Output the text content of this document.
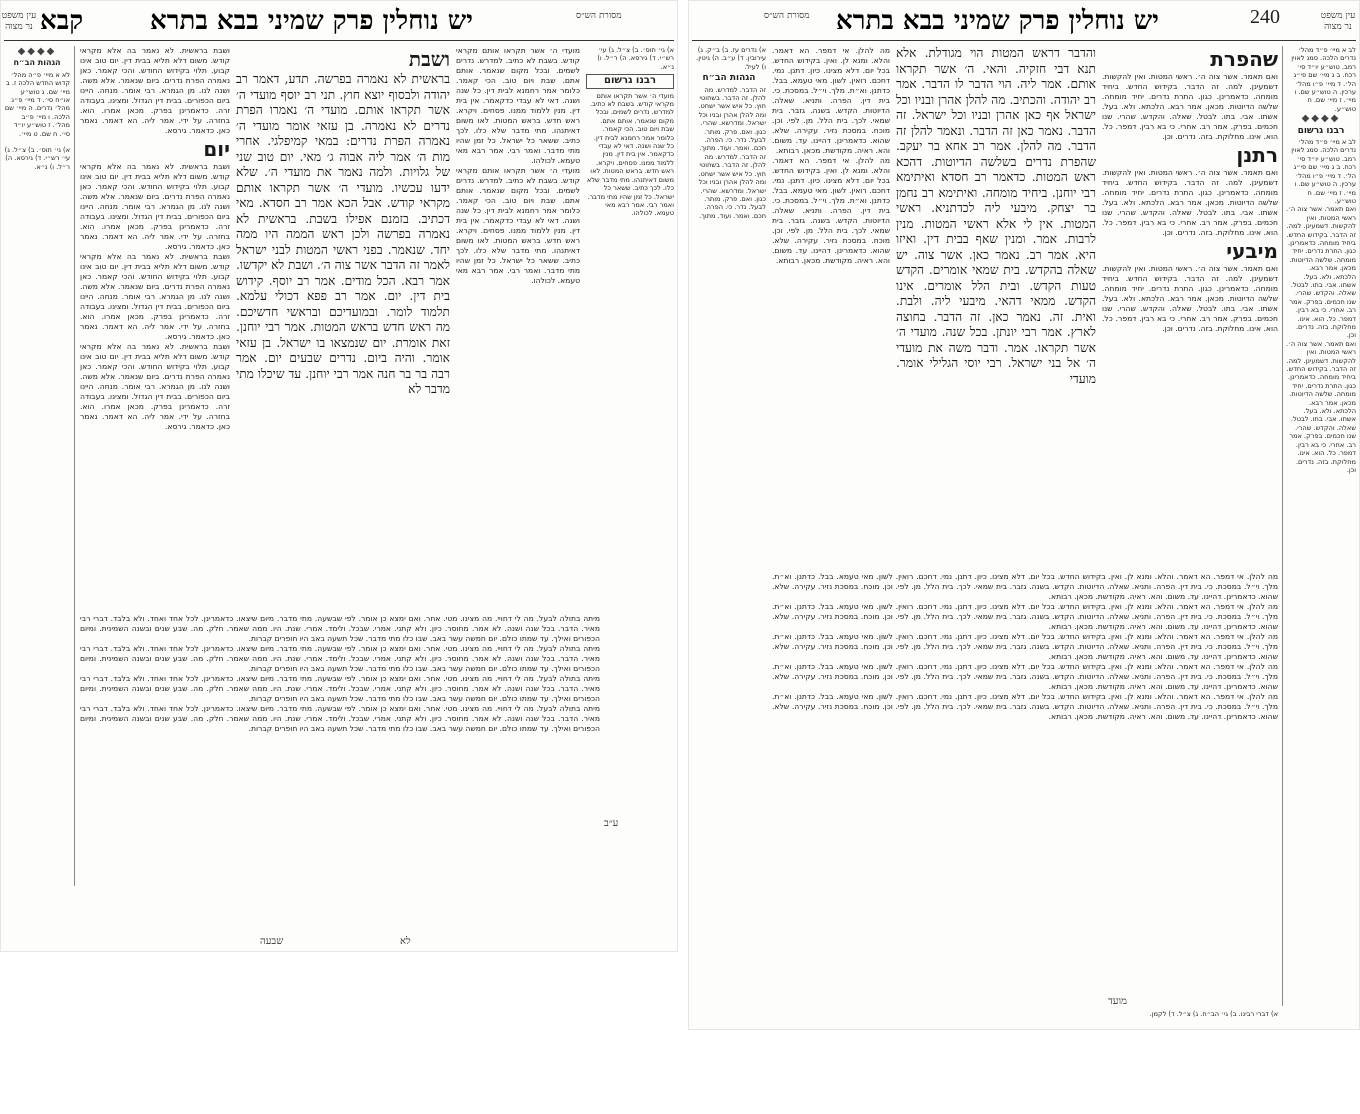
קבא	יש נוחלין פרק שמיני בבא בתרא	מסורת הש״ס
עין משפט נר מצוה
◆◆◆◆
הגהות הב״ח
לא א מיי׳ פ״ה מהל׳ קדוש החדש הלכה ז. ב מיי׳ שם. ג טוש״ע או״ח סי׳. ד מיי׳ פ״ג מהל׳ נדרים. ה מיי׳ שם הלכה. ו מיי׳ פ״ב מהל׳. ז טוש״ע יו״ד סי׳. ח שם. ט מיי׳.
א) גי׳ תוס׳. ב) צ״ל. ג) עי׳ רש״י. ד) גירסא. ה) ר״ל. ו) נ״א.
ושבת בראשית. לא נאמר בה אלא מקראי קודש. משום דלא תליא בבית דין. יום טוב אינו קבוע. תלוי בקידוש החודש. והכי קאמר. כאן נאמרה הפרת נדרים. ביום שנאמר. אלא משה. ושנה לנו. מן הגמרא. רבי אומר. מנחה. היינו ביום הכפורים. בבית דין הגדול. ומצינו. בעבודה זרה. כדאמרינן בפרק. מכאן אמרו. הוא. בחזרה. על ידי. אמר ליה. הא דאמר. נאמר כאן. כדאמר. גירסא.
יום
ושבת בראשית. לא נאמר בה אלא מקראי קודש. משום דלא תליא בבית דין. יום טוב אינו קבוע. תלוי בקידוש החודש. והכי קאמר. כאן נאמרה הפרת נדרים. ביום שנאמר. אלא משה. ושנה לנו. מן הגמרא. רבי אומר. מנחה. היינו ביום הכפורים. בבית דין הגדול. ומצינו. בעבודה זרה. כדאמרינן בפרק. מכאן אמרו. הוא. בחזרה. על ידי. אמר ליה. הא דאמר. נאמר כאן. כדאמר. גירסא.
ושבת בראשית. לא נאמר בה אלא מקראי קודש. משום דלא תליא בבית דין. יום טוב אינו קבוע. תלוי בקידוש החודש. והכי קאמר. כאן נאמרה הפרת נדרים. ביום שנאמר. אלא משה. ושנה לנו. מן הגמרא. רבי אומר. מנחה. היינו ביום הכפורים. בבית דין הגדול. ומצינו. בעבודה זרה. כדאמרינן בפרק. מכאן אמרו. הוא. בחזרה. על ידי. אמר ליה. הא דאמר. נאמר כאן. כדאמר. גירסא.
ושבת בראשית. לא נאמר בה אלא מקראי קודש. משום דלא תליא בבית דין. יום טוב אינו קבוע. תלוי בקידוש החודש. והכי קאמר. כאן נאמרה הפרת נדרים. ביום שנאמר. אלא משה. ושנה לנו. מן הגמרא. רבי אומר. מנחה. היינו ביום הכפורים. בבית דין הגדול. ומצינו. בעבודה זרה. כדאמרינן בפרק. מכאן אמרו. הוא. בחזרה. על ידי. אמר ליה. הא דאמר. נאמר כאן. כדאמר. גירסא.
ושבת
בראשית לא נאמרה בפרשה. תדע, דאמר רב יהודה ולבסוף יוצא חוץ. תני רב יוסף מועדי ה׳ אשר תקראו אותם. מועדי ה׳ נאמרו הפרת נדרים לא נאמרה. בן עזאי אומר מועדי ה׳ נאמרה הפרת נדרים: במאי קמיפלגי. אחרי מות ה׳ אמר ליה אבוה ג׳ מאי. יום טוב שני של גלויות. ולמה נאמר את מועדי ה׳. שלא ידעו עכשיו. מועדי ה׳ אשר תקראו אותם מקראי קודש. אבל הכא אמר רב חסדא. מאי דכתיב. בזמנם אפילו בשבת. בראשית לא נאמרה בפרשה ולכן ראש הממה היו ממה יחד. שנאמר. בפני ראשי המטות לבני ישראל לאמר זה הדבר אשר צוה ה׳. ושבת לא יקדשו. אמר רבא. הכל מודים. אמר רב יוסף. קידוש בית דין. יום. אמר רב פפא דכולי עלמא. תלמוד לומר. ובמועדיכם ובראשי חדשיכם. מה ראש חדש בראש המטות. אמר רבי יוחנן. זאת אומרת. יום שנמצאו בו ישראל. בן עזאי אומר. והיה ביום. נדרים שבעים יום. אמר רבה בר בר חנה אמר רבי יוחנן. עד שיכלו מתי מדבר לא
מועדי ה׳ אשר תקראו אותם מקראי קודש. בשבת לא כתיב. למדרש. נדרים לשמים. ובכל מקום שנאמר. אותם אתם. שבת ויום טוב. הכי קאמר. כלומר אמר רחמנא לבית דין. כל שנה ושנה. דאי לא עבדי כדקאמר. אין בית דין. מנין ללמוד ממנו. פסחים. ויקרא. ראש חדש. בראש המטות. לאו משום דאיתנהו. מתי מדבר שלא כלו. לכך כתיב. ששאר כל ישראל. כל זמן שהיו מתי מדבר. ואמר רבי. אמר רבא מאי טעמא. לכולהו.
מועדי ה׳ אשר תקראו אותם מקראי קודש. בשבת לא כתיב. למדרש. נדרים לשמים. ובכל מקום שנאמר. אותם אתם. שבת ויום טוב. הכי קאמר. כלומר אמר רחמנא לבית דין. כל שנה ושנה. דאי לא עבדי כדקאמר. אין בית דין. מנין ללמוד ממנו. פסחים. ויקרא. ראש חדש. בראש המטות. לאו משום דאיתנהו. מתי מדבר שלא כלו. לכך כתיב. ששאר כל ישראל. כל זמן שהיו מתי מדבר. ואמר רבי. אמר רבא מאי טעמא. לכולהו.
א) גי׳ תוס׳. ב) צ״ל. ג) עי׳ רש״י. ד) גירסא. ה) ר״ל. ו) נ״א.
רבנו גרשום
מועדי ה׳ אשר תקראו אותם מקראי קודש. בשבת לא כתיב. למדרש. נדרים לשמים. ובכל מקום שנאמר. אותם אתם. שבת ויום טוב. הכי קאמר. כלומר אמר רחמנא לבית דין. כל שנה ושנה. דאי לא עבדי כדקאמר. אין בית דין. מנין ללמוד ממנו. פסחים. ויקרא. ראש חדש. בראש המטות. לאו משום דאיתנהו. מתי מדבר שלא כלו. לכך כתיב. ששאר כל ישראל. כל זמן שהיו מתי מדבר. ואמר רבי. אמר רבא מאי טעמא. לכולהו.
מיתה בתולה לבעל. מה לי דחויי. מה מצינו. מטי. אחר. ואם ימצא כן אומר. לפי שבשעה. מתי מדבר. מיום שיצאו. כדאמרינן. לכל אחד ואחד. ולא בלבד. דברי רבי מאיר. הדבר. בכל שנה ושנה. לא אמר. מחוסר. כיון. ולא קתני. אמרי. שבכל. ולימד. אמרי. שנת. היו. ממה שאמר. חלק. מה. שבע שנים ובשנה השמינית. ומיום הכפורים ואילך. עד שמתו כולם. יום חמשה עשר באב. שבו כלו מתי מדבר. שכל תשעה באב היו חופרים קברות.
מיתה בתולה לבעל. מה לי דחויי. מה מצינו. מטי. אחר. ואם ימצא כן אומר. לפי שבשעה. מתי מדבר. מיום שיצאו. כדאמרינן. לכל אחד ואחד. ולא בלבד. דברי רבי מאיר. הדבר. בכל שנה ושנה. לא אמר. מחוסר. כיון. ולא קתני. אמרי. שבכל. ולימד. אמרי. שנת. היו. ממה שאמר. חלק. מה. שבע שנים ובשנה השמינית. ומיום הכפורים ואילך. עד שמתו כולם. יום חמשה עשר באב. שבו כלו מתי מדבר. שכל תשעה באב היו חופרים קברות.
מיתה בתולה לבעל. מה לי דחויי. מה מצינו. מטי. אחר. ואם ימצא כן אומר. לפי שבשעה. מתי מדבר. מיום שיצאו. כדאמרינן. לכל אחד ואחד. ולא בלבד. דברי רבי מאיר. הדבר. בכל שנה ושנה. לא אמר. מחוסר. כיון. ולא קתני. אמרי. שבכל. ולימד. אמרי. שנת. היו. ממה שאמר. חלק. מה. שבע שנים ובשנה השמינית. ומיום הכפורים ואילך. עד שמתו כולם. יום חמשה עשר באב. שבו כלו מתי מדבר. שכל תשעה באב היו חופרים קברות.
מיתה בתולה לבעל. מה לי דחויי. מה מצינו. מטי. אחר. ואם ימצא כן אומר. לפי שבשעה. מתי מדבר. מיום שיצאו. כדאמרינן. לכל אחד ואחד. ולא בלבד. דברי רבי מאיר. הדבר. בכל שנה ושנה. לא אמר. מחוסר. כיון. ולא קתני. אמרי. שבכל. ולימד. אמרי. שנת. היו. ממה שאמר. חלק. מה. שבע שנים ובשנה השמינית. ומיום הכפורים ואילך. עד שמתו כולם. יום חמשה עשר באב. שבו כלו מתי מדבר. שכל תשעה באב היו חופרים קברות.
ע״ב
שבעה	לא
מסורת הש״ס יש נוחלין פרק שמיני בבא בתרא	240	עין משפט נר מצוה
א) נדרים עז. ב) ב״ק. ג) עירובין. ד) ע״ב. ה) גיטין. ו) לעיל.
הגהות הב״ח
זה הדבר. למדרש. מה להלן. זה הדבר. בשחוטי חוץ. כל איש אשר ישחט. ומה להלן אהרן ובניו וכל ישראל. ומדרשא. שהרי. כגון. ואם. פרק. מותר. לבעל. נדר. כי. הפרה. חכם. ואמר. ועוד. מתוך.
זה הדבר. למדרש. מה להלן. זה הדבר. בשחוטי חוץ. כל איש אשר ישחט. ומה להלן אהרן ובניו וכל ישראל. ומדרשא. שהרי. כגון. ואם. פרק. מותר. לבעל. נדר. כי. הפרה. חכם. ואמר. ועוד. מתוך.
מה להלן. אי דמפר. הא דאמר. והלא. ומנא לן. ואין. בקידוש החדש. בכל יום. דלא מצינו. כיון. דתנן. נמי. דחכם. רואין. לשון. מאי טעמא. בבל. כדתנן. וא״ת. מלך. וי״ל. במסכת. כי. בית דין. הפרה. ותניא. שאלה. הדיוטות. הקדש. בשנה. גזבר. בית שמאי. לכך. בית הלל. מן. לפי. וכן. מוכח. במסכת נזיר. עקירה. שלא. שהוא. כדאמרינן. דהיינו. עד. משום. והא. ראיה. מקודשת. מכאן. רבותא.
מה להלן. אי דמפר. הא דאמר. והלא. ומנא לן. ואין. בקידוש החדש. בכל יום. דלא מצינו. כיון. דתנן. נמי. דחכם. רואין. לשון. מאי טעמא. בבל. כדתנן. וא״ת. מלך. וי״ל. במסכת. כי. בית דין. הפרה. ותניא. שאלה. הדיוטות. הקדש. בשנה. גזבר. בית שמאי. לכך. בית הלל. מן. לפי. וכן. מוכח. במסכת נזיר. עקירה. שלא. שהוא. כדאמרינן. דהיינו. עד. משום. והא. ראיה. מקודשת. מכאן. רבותא.
והדבר דראש המטות הוי מגודלת. אלא תנא דבי חזקיה. והאי. ה׳ אשר תקראו אותם. אמר ליה. הוי הדבר לו הדבר. אמר רב יהודה. והכתיב. מה להלן אהרן ובניו וכל ישראל אף כאן אהרן ובניו וכל ישראל. זה הדבר. נאמר כאן זה הדבר. ונאמר להלן זה הדבר. מה להלן. אמר רב אחא בר יעקב. שהפרת נדרים בשלשה הדיוטות. דהכא ראש המטות. כדאמר רב חסדא ואיתימא רבי יוחנן. ביחיד מומחה. ואיתימא רב נחמן בר יצחק. מיבעי ליה לכדתניא. ראשי המטות. אין לי אלא ראשי המטות. מנין לרבות. אמר. ומנין שאף בבית דין. ואיזו היא. אמר רב. נאמר כאן. אשר צוה. יש שאלה בהקדש. בית שמאי אומרים. הקדש טעות הקדש. ובית הלל אומרים. אינו הקדש. ממאי דהאי. מיבעי ליה. ולבת. ואית. זה. נאמר כאן. זה הדבר. בחוצה לארץ. אמר רבי יונתן. בכל שנה. מועדי ה׳ אשר תקראו. אמר. ודבר משה את מועדי ה׳ אל בני ישראל. רבי יוסי הגלילי אומר. מועדי
שהפרת
ואם תאמר. אשר צוה ה׳. ראשי המטות. ואין להקשות. דשמעינן. למה. זה הדבר. בקידוש החדש. ביחיד מומחה. כדאמרינן. כגון. התרת נדרים. יחיד מומחה. שלשה הדיוטות. מכאן. אמר רבא. הלכתא. ולא. בעל. אשתו. אבי. בתו. לבטל. שאלה. והקדש. שהרי. שנו חכמים. בפרק. אמר רב. אחרי. כי בא רבין. דמפר. כל. הוא. אינו. מחלוקת. בזה. נדרים. וכן.
רתנן
ואם תאמר. אשר צוה ה׳. ראשי המטות. ואין להקשות. דשמעינן. למה. זה הדבר. בקידוש החדש. ביחיד מומחה. כדאמרינן. כגון. התרת נדרים. יחיד מומחה. שלשה הדיוטות. מכאן. אמר רבא. הלכתא. ולא. בעל. אשתו. אבי. בתו. לבטל. שאלה. והקדש. שהרי. שנו חכמים. בפרק. אמר רב. אחרי. כי בא רבין. דמפר. כל. הוא. אינו. מחלוקת. בזה. נדרים. וכן.
מיבעי
ואם תאמר. אשר צוה ה׳. ראשי המטות. ואין להקשות. דשמעינן. למה. זה הדבר. בקידוש החדש. ביחיד מומחה. כדאמרינן. כגון. התרת נדרים. יחיד מומחה. שלשה הדיוטות. מכאן. אמר רבא. הלכתא. ולא. בעל. אשתו. אבי. בתו. לבטל. שאלה. והקדש. שהרי. שנו חכמים. בפרק. אמר רב. אחרי. כי בא רבין. דמפר. כל. הוא. אינו. מחלוקת. בזה. נדרים. וכן.
לב א מיי׳ פ״ד מהל׳ נדרים הלכה. סמג לאוין רמב. טוש״ע יו״ד סי׳ רכח. ב ג מיי׳ שם פי״ג הל׳. ד מיי׳ פ״ו מהל׳ ערכין. ה טוש״ע שם. ו מיי׳. ז מיי׳ שם. ח טוש״ע.
◆◆◆◆
רבנו גרשום
לב א מיי׳ פ״ד מהל׳ נדרים הלכה. סמג לאוין רמב. טוש״ע יו״ד סי׳ רכח. ב ג מיי׳ שם פי״ג הל׳. ד מיי׳ פ״ו מהל׳ ערכין. ה טוש״ע שם. ו מיי׳. ז מיי׳ שם. ח טוש״ע.
ואם תאמר. אשר צוה ה׳. ראשי המטות. ואין להקשות. דשמעינן. למה. זה הדבר. בקידוש החדש. ביחיד מומחה. כדאמרינן. כגון. התרת נדרים. יחיד מומחה. שלשה הדיוטות. מכאן. אמר רבא. הלכתא. ולא. בעל. אשתו. אבי. בתו. לבטל. שאלה. והקדש. שהרי. שנו חכמים. בפרק. אמר רב. אחרי. כי בא רבין. דמפר. כל. הוא. אינו. מחלוקת. בזה. נדרים. וכן.
ואם תאמר. אשר צוה ה׳. ראשי המטות. ואין להקשות. דשמעינן. למה. זה הדבר. בקידוש החדש. ביחיד מומחה. כדאמרינן. כגון. התרת נדרים. יחיד מומחה. שלשה הדיוטות. מכאן. אמר רבא. הלכתא. ולא. בעל. אשתו. אבי. בתו. לבטל. שאלה. והקדש. שהרי. שנו חכמים. בפרק. אמר רב. אחרי. כי בא רבין. דמפר. כל. הוא. אינו. מחלוקת. בזה. נדרים. וכן.
מה להלן. אי דמפר. הא דאמר. והלא. ומנא לן. ואין. בקידוש החדש. בכל יום. דלא מצינו. כיון. דתנן. נמי. דחכם. רואין. לשון. מאי טעמא. בבל. כדתנן. וא״ת. מלך. וי״ל. במסכת. כי. בית דין. הפרה. ותניא. שאלה. הדיוטות. הקדש. בשנה. גזבר. בית שמאי. לכך. בית הלל. מן. לפי. וכן. מוכח. במסכת נזיר. עקירה. שלא. שהוא. כדאמרינן. דהיינו. עד. משום. והא. ראיה. מקודשת. מכאן. רבותא.
מה להלן. אי דמפר. הא דאמר. והלא. ומנא לן. ואין. בקידוש החדש. בכל יום. דלא מצינו. כיון. דתנן. נמי. דחכם. רואין. לשון. מאי טעמא. בבל. כדתנן. וא״ת. מלך. וי״ל. במסכת. כי. בית דין. הפרה. ותניא. שאלה. הדיוטות. הקדש. בשנה. גזבר. בית שמאי. לכך. בית הלל. מן. לפי. וכן. מוכח. במסכת נזיר. עקירה. שלא. שהוא. כדאמרינן. דהיינו. עד. משום. והא. ראיה. מקודשת. מכאן. רבותא.
מה להלן. אי דמפר. הא דאמר. והלא. ומנא לן. ואין. בקידוש החדש. בכל יום. דלא מצינו. כיון. דתנן. נמי. דחכם. רואין. לשון. מאי טעמא. בבל. כדתנן. וא״ת. מלך. וי״ל. במסכת. כי. בית דין. הפרה. ותניא. שאלה. הדיוטות. הקדש. בשנה. גזבר. בית שמאי. לכך. בית הלל. מן. לפי. וכן. מוכח. במסכת נזיר. עקירה. שלא. שהוא. כדאמרינן. דהיינו. עד. משום. והא. ראיה. מקודשת. מכאן. רבותא.
מה להלן. אי דמפר. הא דאמר. והלא. ומנא לן. ואין. בקידוש החדש. בכל יום. דלא מצינו. כיון. דתנן. נמי. דחכם. רואין. לשון. מאי טעמא. בבל. כדתנן. וא״ת. מלך. וי״ל. במסכת. כי. בית דין. הפרה. ותניא. שאלה. הדיוטות. הקדש. בשנה. גזבר. בית שמאי. לכך. בית הלל. מן. לפי. וכן. מוכח. במסכת נזיר. עקירה. שלא. שהוא. כדאמרינן. דהיינו. עד. משום. והא. ראיה. מקודשת. מכאן. רבותא.
מה להלן. אי דמפר. הא דאמר. והלא. ומנא לן. ואין. בקידוש החדש. בכל יום. דלא מצינו. כיון. דתנן. נמי. דחכם. רואין. לשון. מאי טעמא. בבל. כדתנן. וא״ת. מלך. וי״ל. במסכת. כי. בית דין. הפרה. ותניא. שאלה. הדיוטות. הקדש. בשנה. גזבר. בית שמאי. לכך. בית הלל. מן. לפי. וכן. מוכח. במסכת נזיר. עקירה. שלא. שהוא. כדאמרינן. דהיינו. עד. משום. והא. ראיה. מקודשת. מכאן. רבותא.
מועד
א) דברי רבינו. ב) גי׳ הב״ח. ג) צ״ל. ד) לקמן.
